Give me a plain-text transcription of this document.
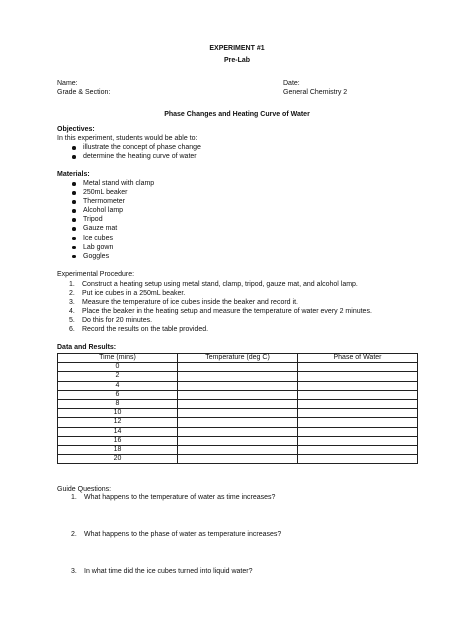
EXPERIMENT #1
Pre-Lab
Name:	Date:
Grade & Section:	General Chemistry 2
Phase Changes and Heating Curve of Water
Objectives:
In this experiment, students would be able to:
illustrate the concept of phase change
determine the heating curve of water
Materials:
Metal stand with clamp
250mL beaker
Thermometer
Alcohol lamp
Tripod
Gauze mat
Ice cubes
Lab gown
Goggles
Experimental Procedure:
1. Construct a heating setup using metal stand, clamp, tripod, gauze mat, and alcohol lamp.
2. Put ice cubes in a 250mL beaker.
3. Measure the temperature of ice cubes inside the beaker and record it.
4. Place the beaker in the heating setup and measure the temperature of water every 2 minutes.
5. Do this for 20 minutes.
6. Record the results on the table provided.
Data and Results:
Time (mins)	Temperature (deg C)	Phase of Water
0		
2		
4		
6		
8		
10		
12		
14		
16		
18		
20		
Guide Questions:
1. What happens to the temperature of water as time increases?
2. What happens to the phase of water as temperature increases?
3. In what time did the ice cubes turned into liquid water?
